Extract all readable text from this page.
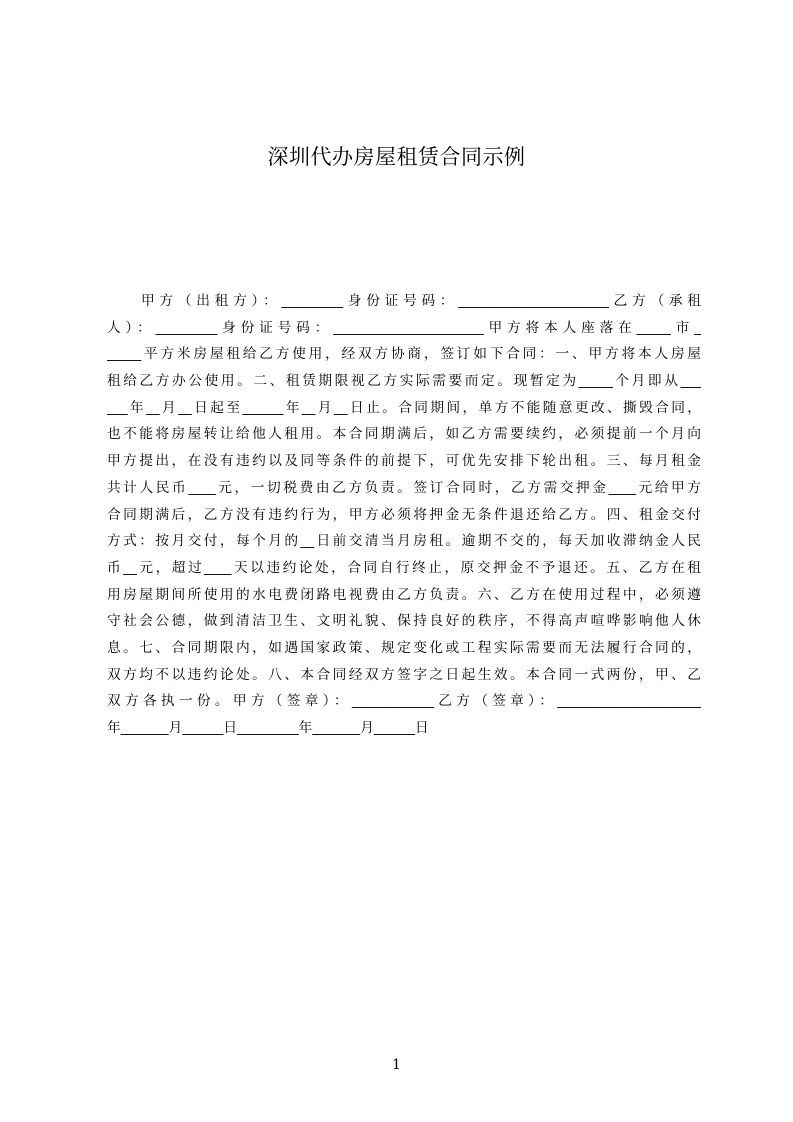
深圳代办房屋租赁合同示例
甲方（出租方）：_________身份证号码：______________________乙方（承租
人）：_________身份证号码：______________________甲方将本人座落在_____市_
_____平方米房屋租给乙方使用，经双方协商，签订如下合同：一、甲方将本人房屋
租给乙方办公使用。二、租赁期限视乙方实际需要而定。现暂定为_____个月即从___
___年__月__日起至______年__月__日止。合同期间，单方不能随意更改、撕毁合同，
也不能将房屋转让给他人租用。本合同期满后，如乙方需要续约，必须提前一个月向
甲方提出，在没有违约以及同等条件的前提下，可优先安排下轮出租。三、每月租金
共计人民币____元，一切税费由乙方负责。签订合同时，乙方需交押金____元给甲方
合同期满后，乙方没有违约行为，甲方必须将押金无条件退还给乙方。四、租金交付
方式：按月交付，每个月的__日前交清当月房租。逾期不交的，每天加收滞纳金人民
币__元，超过____天以违约论处，合同自行终止，原交押金不予退还。五、乙方在租
用房屋期间所使用的水电费闭路电视费由乙方负责。六、乙方在使用过程中，必须遵
守社会公德，做到清洁卫生、文明礼貌、保持良好的秩序，不得高声喧哗影响他人休
息。七、合同期限内，如遇国家政策、规定变化或工程实际需要而无法履行合同的，
双方均不以违约论处。八、本合同经双方签字之日起生效。本合同一式两份，甲、乙
双方各执一份。甲方（签章）：____________乙方（签章）：_____________________
年_______月______日_________年_______月______日
1
